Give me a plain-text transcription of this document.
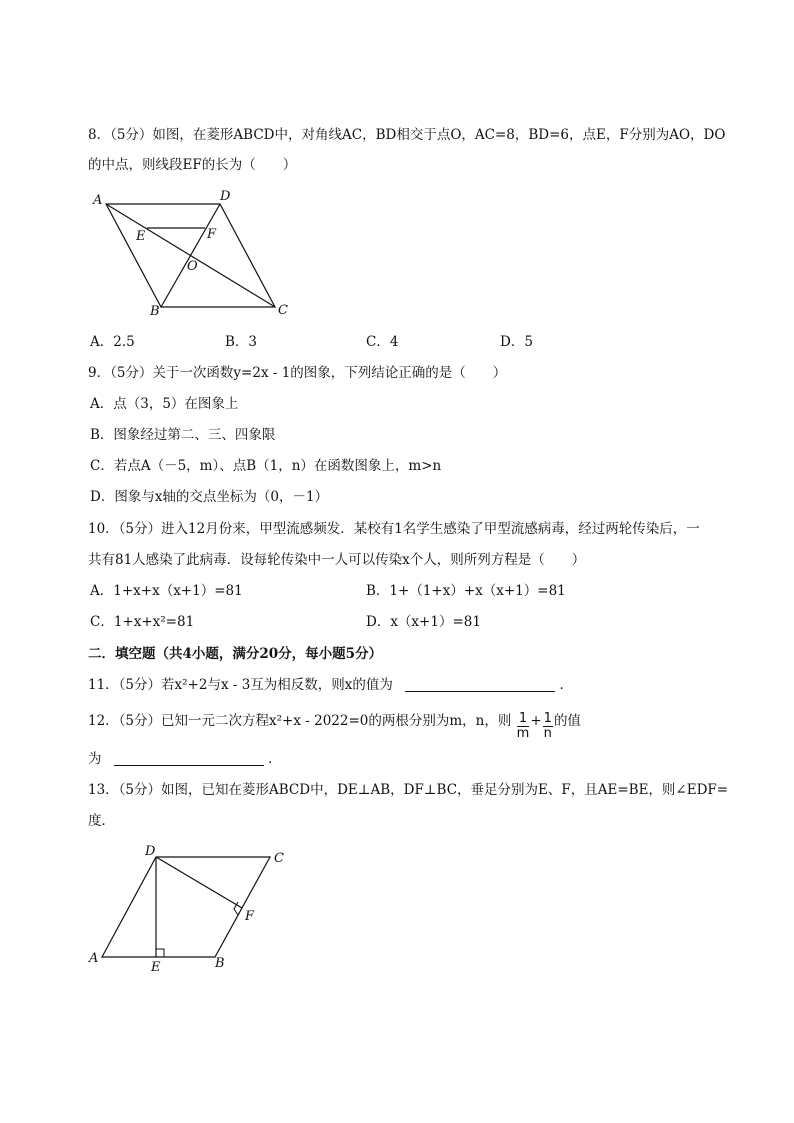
8．（5分）如图，在菱形ABCD中，对角线AC，BD相交于点O，AC=8，BD=6，点E，F分别为AO，DO
的中点，则线段EF的长为（　　）
A	D
E	F
O
B	C
A．2.5	B．3	C．4	D．5
9．（5分）关于一次函数y=2x - 1的图象，下列结论正确的是（　　）
A．点（3，5）在图象上
B．图象经过第二、三、四象限
C．若点A（－5，m）、点B（1，n）在函数图象上，m>n
D．图象与x轴的交点坐标为（0，－1）
10．（5分）进入12月份来，甲型流感频发．某校有1名学生感染了甲型流感病毒，经过两轮传染后，一
共有81人感染了此病毒．设每轮传染中一人可以传染x个人，则所列方程是（　　）
A．1+x+x（x+1）=81	B．1+（1+x）+x（x+1）=81
C．1+x+x²=81	D．x（x+1）=81
二．填空题（共4小题，满分20分，每小题5分）
11．（5分）若x²+2与x - 3互为相反数，则x的值为	．
12．（5分）已知一元二次方程x²+x - 2022=0的两根分别为m，n，则 $\frac{1}{m} + \frac{1}{n}$ 的值
为	．
13．（5分）如图，已知在菱形ABCD中，DE⊥AB，DF⊥BC，垂足分别为E、F，且AE=BE，则∠EDF=
度．
D	C
F
A
E	B
